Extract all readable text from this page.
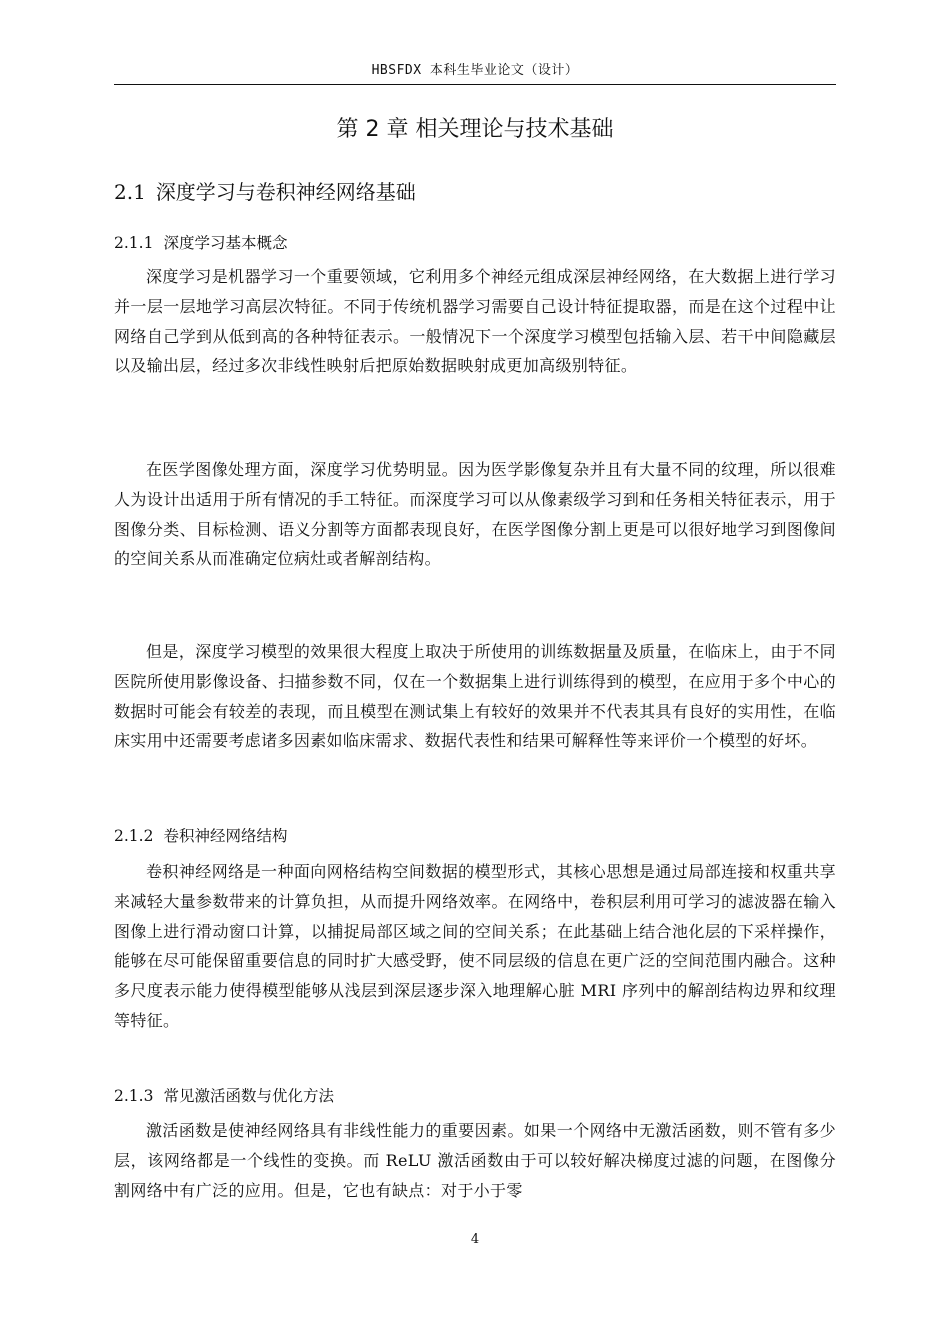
HBSFDX 本科生毕业论文（设计）
第 2 章 相关理论与技术基础
2.1 深度学习与卷积神经网络基础
2.1.1 深度学习基本概念

深度学习是机器学习一个重要领域，它利用多个神经元组成深层神经网络，在大数据上进行学习并一层一层地学习高层次特征。不同于传统机器学习需要自己设计特征提取器，而是在这个过程中让网络自己学到从低到高的各种特征表示。一般情况下一个深度学习模型包括输入层、若干中间隐藏层以及输出层，经过多次非线性映射后把原始数据映射成更加高级别特征。

在医学图像处理方面，深度学习优势明显。因为医学影像复杂并且有大量不同的纹理，所以很难人为设计出适用于所有情况的手工特征。而深度学习可以从像素级学习到和任务相关特征表示，用于图像分类、目标检测、语义分割等方面都表现良好，在医学图像分割上更是可以很好地学习到图像间的空间关系从而准确定位病灶或者解剖结构。

但是，深度学习模型的效果很大程度上取决于所使用的训练数据量及质量，在临床上，由于不同医院所使用影像设备、扫描参数不同，仅在一个数据集上进行训练得到的模型，在应用于多个中心的数据时可能会有较差的表现，而且模型在测试集上有较好的效果并不代表其具有良好的实用性，在临床实用中还需要考虑诸多因素如临床需求、数据代表性和结果可解释性等来评价一个模型的好坏。

2.1.2 卷积神经网络结构

卷积神经网络是一种面向网格结构空间数据的模型形式，其核心思想是通过局部连接和权重共享来减轻大量参数带来的计算负担，从而提升网络效率。在网络中，卷积层利用可学习的滤波器在输入图像上进行滑动窗口计算，以捕捉局部区域之间的空间关系；在此基础上结合池化层的下采样操作，能够在尽可能保留重要信息的同时扩大感受野，使不同层级的信息在更广泛的空间范围内融合。这种多尺度表示能力使得模型能够从浅层到深层逐步深入地理解心脏 MRI 序列中的解剖结构边界和纹理等特征。

2.1.3 常见激活函数与优化方法

激活函数是使神经网络具有非线性能力的重要因素。如果一个网络中无激活函数，则不管有多少层，该网络都是一个线性的变换。而 ReLU 激活函数由于可以较好解决梯度过滤的问题，在图像分割网络中有广泛的应用。但是，它也有缺点：对于小于零

4
